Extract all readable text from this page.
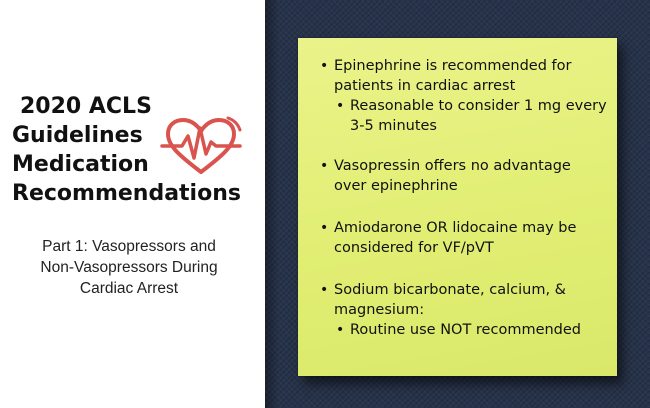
2020 ACLS
Guidelines
Medication
Recommendations
Part 1: Vasopressors and
Non-Vasopressors During
Cardiac Arrest
• Epinephrine is recommended for
patients in cardiac arrest
• Reasonable to consider 1 mg every
3-5 minutes
• Vasopressin offers no advantage
over epinephrine
• Amiodarone OR lidocaine may be
considered for VF/pVT
• Sodium bicarbonate, calcium, &
magnesium:
• Routine use NOT recommended
